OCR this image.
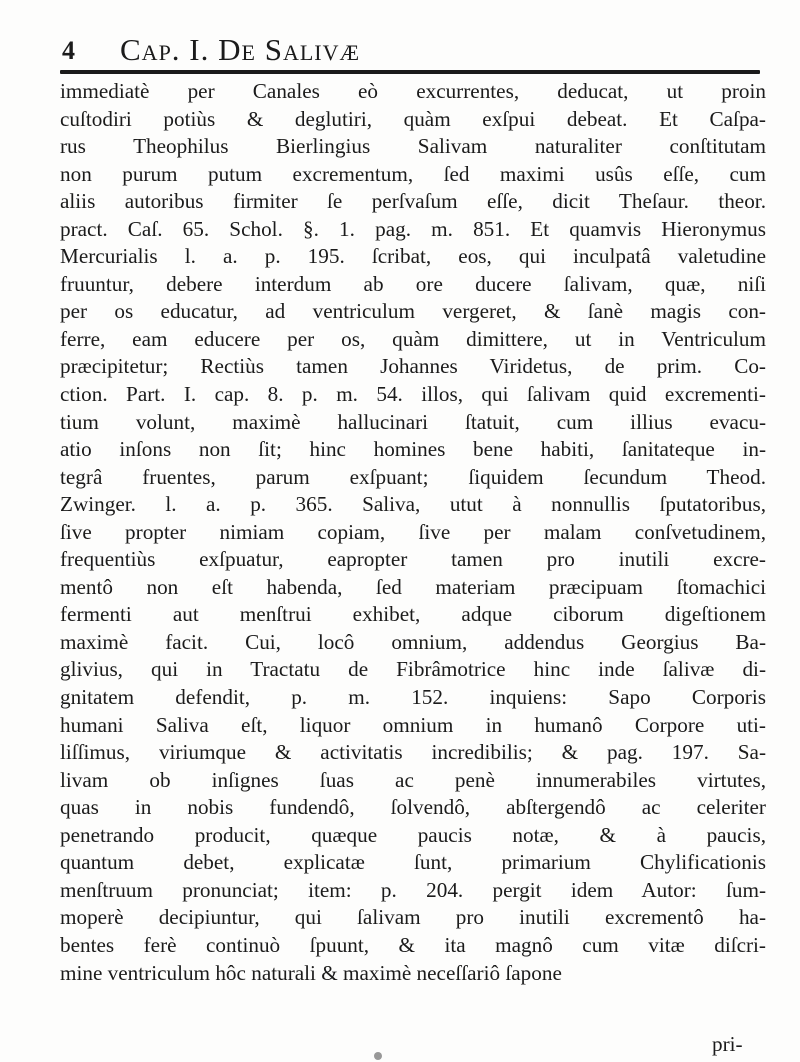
4 Cap. I. De Salivæ
immediatè per Canales eò excurrentes, deducat, ut proin
cuſtodiri potiùs & deglutiri, quàm exſpui debeat. Et Caſpa-
rus Theophilus Bierlingius Salivam naturaliter conſtitutam
non purum putum excrementum, ſed maximi usûs eſſe, cum
aliis autoribus firmiter ſe perſvaſum eſſe, dicit Theſaur. theor.
pract. Caſ. 65. Schol. §. 1. pag. m. 851. Et quamvis Hieronymus
Mercurialis l. a. p. 195. ſcribat, eos, qui inculpatâ valetudine
fruuntur, debere interdum ab ore ducere ſalivam, quæ, niſi
per os educatur, ad ventriculum vergeret, & ſanè magis con-
ferre, eam educere per os, quàm dimittere, ut in Ventriculum
præcipitetur; Rectiùs tamen Johannes Viridetus, de prim. Co-
ction. Part. I. cap. 8. p. m. 54. illos, qui ſalivam quid excrementi-
tium volunt, maximè hallucinari ſtatuit, cum illius evacu-
atio inſons non ſit; hinc homines bene habiti, ſanitateque in-
tegrâ fruentes, parum exſpuant; ſiquidem ſecundum Theod.
Zwinger. l. a. p. 365. Saliva, utut à nonnullis ſputatoribus,
ſive propter nimiam copiam, ſive per malam conſvetudinem,
frequentiùs exſpuatur, eapropter tamen pro inutili excre-
mentô non eſt habenda, ſed materiam præcipuam ſtomachici
fermenti aut menſtrui exhibet, adque ciborum digeſtionem
maximè facit. Cui, locô omnium, addendus Georgius Ba-
glivius, qui in Tractatu de Fibrâmotrice hinc inde ſalivæ di-
gnitatem defendit, p. m. 152. inquiens: Sapo Corporis
humani Saliva eſt, liquor omnium in humanô Corpore uti-
liſſimus, viriumque & activitatis incredibilis; & pag. 197. Sa-
livam ob inſignes ſuas ac penè innumerabiles virtutes,
quas in nobis fundendô, ſolvendô, abſtergendô ac celeriter
penetrando producit, quæque paucis notæ, & à paucis,
quantum debet, explicatæ ſunt, primarium Chylificationis
menſtruum pronunciat; item: p. 204. pergit idem Autor: ſum-
moperè decipiuntur, qui ſalivam pro inutili excrementô ha-
bentes ferè continuò ſpuunt, & ita magnô cum vitæ diſcri-
mine ventriculum hôc naturali & maximè neceſſariô ſapone
pri-
